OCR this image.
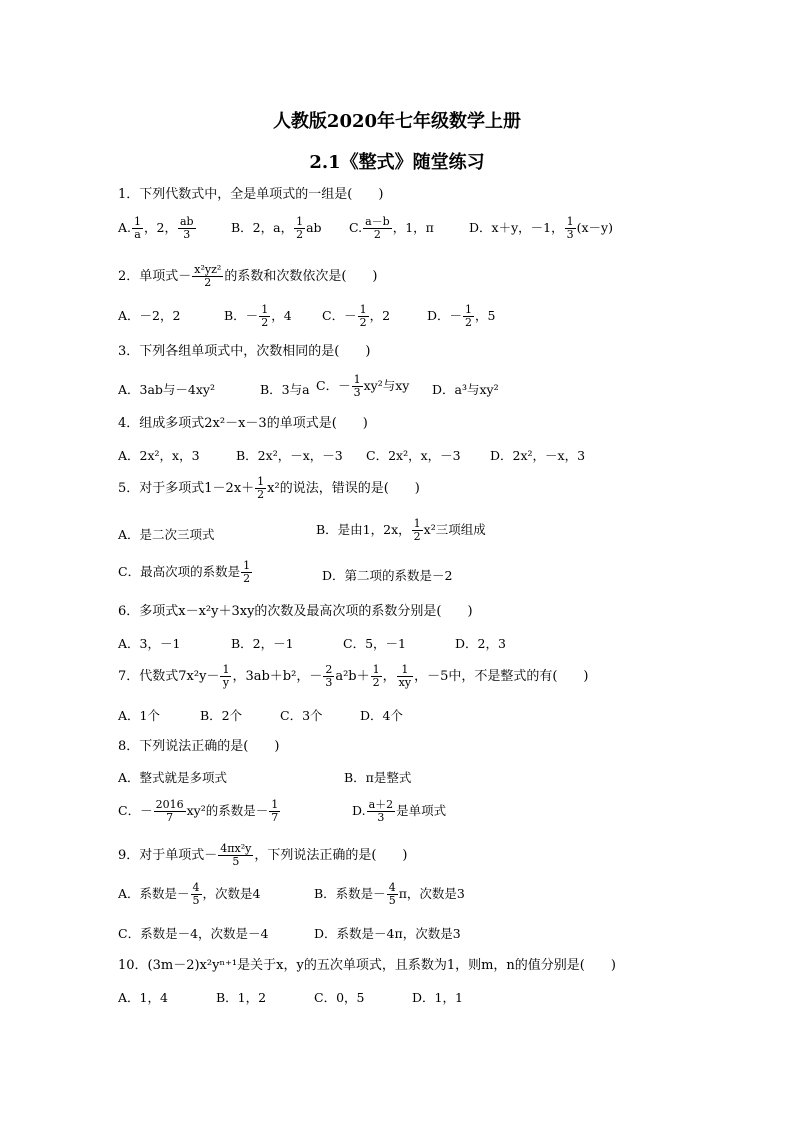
人教版2020年七年级数学上册
2.1《整式》随堂练习
1．下列代数式中，全是单项式的一组是(　　)
A. $\frac{1}{a}$ ，2， $\frac{ab}{3}$	B．2，a， $\frac{1}{2}$ ab C. $\frac{a-b}{2}$ ，1，π	D．x＋y，－1， $\frac{1}{3} (x-y)$
2．单项式－ $\frac{\text{x²yz²}}{2}$ 的系数和次数依次是(　　)
A．－2，2	B．－ $\frac{1}{2}$ ，4 C．－ $\frac{1}{2}$ ，2	D．－ $\frac{1}{2}$ ，5
3．下列各组单项式中，次数相同的是(　　)
A．3ab与－4xy²	B．3与a C．－ $\frac{1}{3} xy^2$与xy D．a³与xy²
4．组成多项式2x²－x－3的单项式是(　　)
A．2x²，x，3	B．2x²，－x，－3 C．2x²，x，－3 D．2x²，－x，3
5．对于多项式$1-2x+ \frac{1}{2} x^2$的说法，错误的是(　　)
A．是二次三项式	B．是由1，2x， $\frac{1}{2} x^2$三项组成
C．最高次项的系数是 $\frac{1}{2}$	D．第二项的系数是－2
6．多项式x－x²y＋3xy的次数及最高次项的系数分别是(　　)
A．3，－1	B．2，－1	C．5，－1	D．2，3
7．代数式$7x^2y- \frac{1}{y}$ ，3ab＋b²，－ $\frac{2}{3} a^2b+ \frac{1}{2}$ ， $\frac{1}{xy}$ ，－5中，不是整式的有(　　)
A．1个	B．2个	C．3个	D．4个
8．下列说法正确的是(　　)
A．整式就是多项式	B．π是整式
C．－ $\frac{2016}{7} xy^2$的系数是－ $\frac{1}{7}$	D. $\frac{a+2}{3}$ 是单项式
9．对于单项式－ $\frac{\text{4πx²y}}{5}$ ，下列说法正确的是(　　)
A．系数是－ $\frac{4}{5}$ ，次数是4	B．系数是－ $\frac{4}{5}$ π，次数是3
C．系数是－4，次数是－4	D．系数是－4π，次数是3
10．(3m－2)x²yⁿ⁺¹是关于x，y的五次单项式，且系数为1，则m，n的值分别是(　　)
A．1，4	B．1，2	C．0，5	D．1，1
